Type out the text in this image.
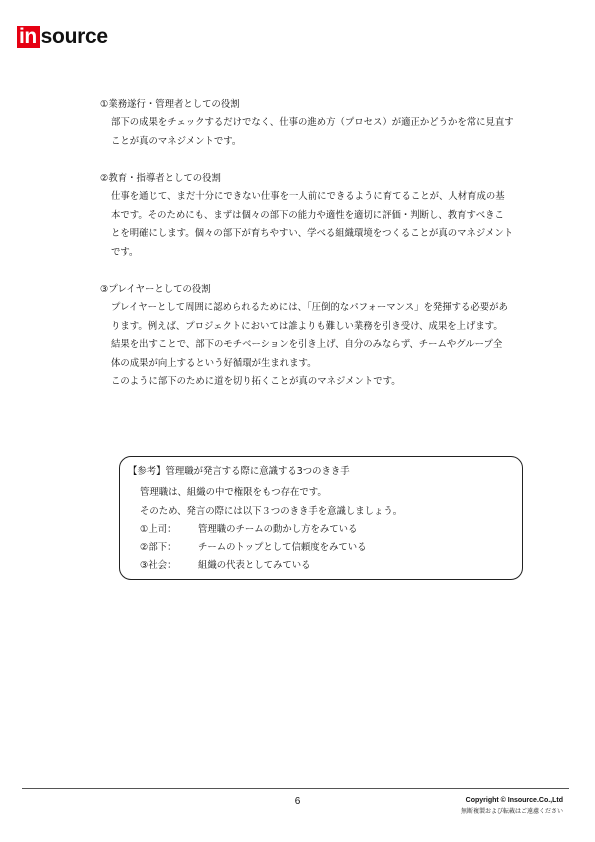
in source
①業務遂行・管理者としての役割
部下の成果をチェックするだけでなく、仕事の進め方（プロセス）が適正かどうかを常に見直す
ことが真のマネジメントです。
②教育・指導者としての役割
仕事を通じて、まだ十分にできない仕事を一人前にできるように育てることが、人材育成の基
本です。そのためにも、まずは個々の部下の能力や適性を適切に評価・判断し、教育すべきこ
とを明確にします。個々の部下が育ちやすい、学べる組織環境をつくることが真のマネジメント
です。
③プレイヤーとしての役割
プレイヤーとして周囲に認められるためには、「圧倒的なパフォーマンス」を発揮する必要があ
ります。例えば、プロジェクトにおいては誰よりも難しい業務を引き受け、成果を上げます。
結果を出すことで、部下のモチベーションを引き上げ、自分のみならず、チームやグループ全
体の成果が向上するという好循環が生まれます。
このように部下のために道を切り拓くことが真のマネジメントです。
【参考】管理職が発言する際に意識する3つのきき手
管理職は、組織の中で権限をもつ存在です。
そのため、発言の際には以下３つのきき手を意識しましょう。
①上司：	管理職のチームの動かし方をみている
②部下：	チームのトップとして信頼度をみている
③社会：	組織の代表としてみている
6	Copyright © Insource.Co.,Ltd
無断複製および転載はご遠慮ください
